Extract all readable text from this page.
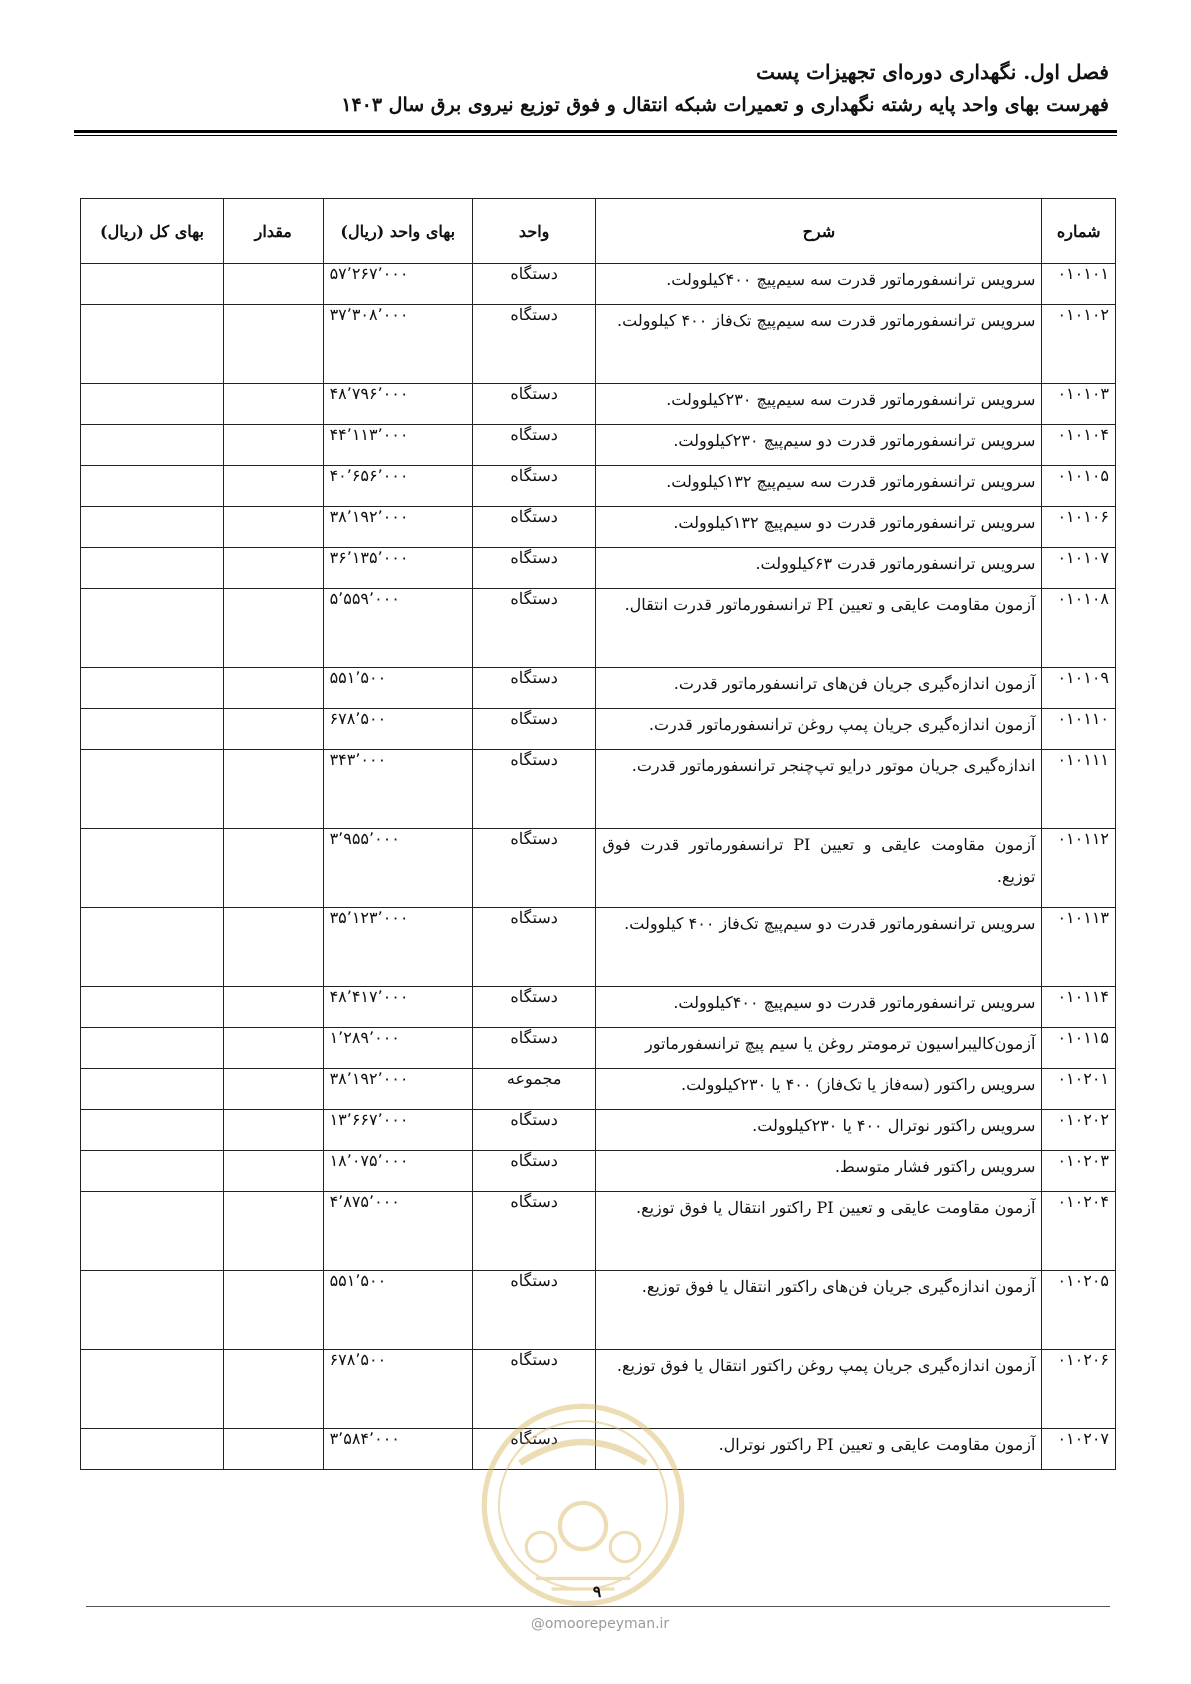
فصل اول. نگهداری دوره‌ای تجهیزات پست
فهرست بهای واحد پایه رشته نگهداری و تعمیرات شبکه انتقال و فوق توزیع نیروی برق سال ۱۴۰۳
شماره	شرح	واحد	بهای واحد (ریال)	مقدار	بهای کل (ریال)
۰۱۰۱۰۱	سرویس ترانسفورماتور قدرت سه سیم‌پیچ ۴۰۰کیلوولت.	دستگاه	۵۷٬۲۶۷٬۰۰۰		
۰۱۰۱۰۲	سرویس ترانسفورماتور قدرت سه سیم‌پیچ تک‌فاز ۴۰۰ کیلوولت.	دستگاه	۳۷٬۳۰۸٬۰۰۰		
۰۱۰۱۰۳	سرویس ترانسفورماتور قدرت سه سیم‌پیچ ۲۳۰کیلوولت.	دستگاه	۴۸٬۷۹۶٬۰۰۰		
۰۱۰۱۰۴	سرویس ترانسفورماتور قدرت دو سیم‌پیچ ۲۳۰کیلوولت.	دستگاه	۴۴٬۱۱۳٬۰۰۰		
۰۱۰۱۰۵	سرویس ترانسفورماتور قدرت سه سیم‌پیچ ۱۳۲کیلوولت.	دستگاه	۴۰٬۶۵۶٬۰۰۰		
۰۱۰۱۰۶	سرویس ترانسفورماتور قدرت دو سیم‌پیچ ۱۳۲کیلوولت.	دستگاه	۳۸٬۱۹۲٬۰۰۰		
۰۱۰۱۰۷	سرویس ترانسفورماتور قدرت ۶۳کیلوولت.	دستگاه	۳۶٬۱۳۵٬۰۰۰		
۰۱۰۱۰۸	آزمون مقاومت عایقی و تعیین PI ترانسفورماتور قدرت انتقال.	دستگاه	۵٬۵۵۹٬۰۰۰		
۰۱۰۱۰۹	آزمون اندازه‌گیری جریان فن‌های ترانسفورماتور قدرت.	دستگاه	۵۵۱٬۵۰۰		
۰۱۰۱۱۰	آزمون اندازه‌گیری جریان پمپ روغن ترانسفورماتور قدرت.	دستگاه	۶۷۸٬۵۰۰		
۰۱۰۱۱۱	اندازه‌گیری جریان موتور درایو تپ‌چنجر ترانسفورماتور قدرت.	دستگاه	۳۴۳٬۰۰۰		
۰۱۰۱۱۲	آزمون مقاومت عایقی و تعیین PI ترانسفورماتور قدرت فوق توزیع.	دستگاه	۳٬۹۵۵٬۰۰۰		
۰۱۰۱۱۳	سرویس ترانسفورماتور قدرت دو سیم‌پیچ تک‌فاز ۴۰۰ کیلوولت.	دستگاه	۳۵٬۱۲۳٬۰۰۰		
۰۱۰۱۱۴	سرویس ترانسفورماتور قدرت دو سیم‌پیچ ۴۰۰کیلوولت.	دستگاه	۴۸٬۴۱۷٬۰۰۰		
۰۱۰۱۱۵	آزمون‌کالیبراسیون ترمومتر روغن یا سیم پیچ ترانسفورماتور	دستگاه	۱٬۲۸۹٬۰۰۰		
۰۱۰۲۰۱	سرویس راکتور (سه‌فاز یا تک‌فاز) ۴۰۰ یا ۲۳۰کیلوولت.	مجموعه	۳۸٬۱۹۲٬۰۰۰		
۰۱۰۲۰۲	سرویس راکتور نوترال ۴۰۰ یا ۲۳۰کیلوولت.	دستگاه	۱۳٬۶۶۷٬۰۰۰		
۰۱۰۲۰۳	سرویس راکتور فشار متوسط.	دستگاه	۱۸٬۰۷۵٬۰۰۰		
۰۱۰۲۰۴	آزمون مقاومت عایقی و تعیین PI راکتور انتقال یا فوق توزیع.	دستگاه	۴٬۸۷۵٬۰۰۰		
۰۱۰۲۰۵	آزمون اندازه‌گیری جریان فن‌های راکتور انتقال یا فوق توزیع.	دستگاه	۵۵۱٬۵۰۰		
۰۱۰۲۰۶	آزمون اندازه‌گیری جریان پمپ روغن راکتور انتقال یا فوق توزیع.	دستگاه	۶۷۸٬۵۰۰		
۰۱۰۲۰۷	آزمون مقاومت عایقی و تعیین PI راکتور نوترال.	دستگاه	۳٬۵۸۴٬۰۰۰		
۹
@omoorepeyman.ir
